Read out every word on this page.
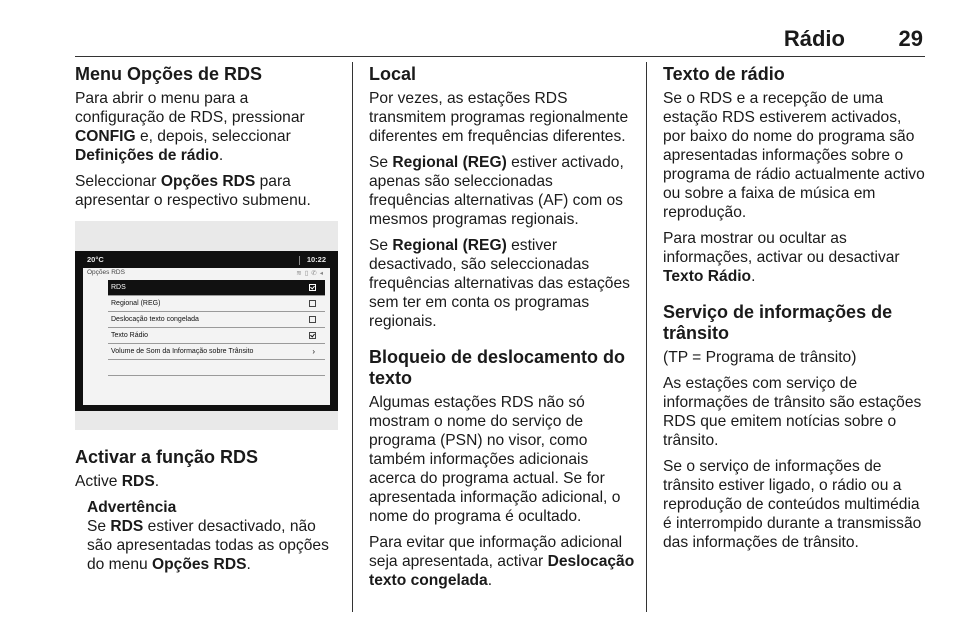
Rádio 29
Menu Opções de RDS

Para abrir o menu para a configuração de RDS, pressionar CONFIG e, depois, seleccionar Definições de rádio.

Seleccionar Opções RDS para apresentar o respectivo submenu.

20°C	10:22
Opções RDS	≋▯✆◂
RDS
Regional (REG)
Deslocação texto congelada
Texto Rádio
Volume de Som da Informação sobre Trânsito	›
Activar a função RDS

Active RDS.

Advertência
Se RDS estiver desactivado, não são apresentadas todas as opções do menu Opções RDS.
Local

Por vezes, as estações RDS transmitem programas regionalmente diferentes em frequências diferentes.

Se Regional (REG) estiver activado, apenas são seleccionadas frequências alternativas (AF) com os mesmos programas regionais.

Se Regional (REG) estiver desactivado, são seleccionadas frequências alternativas das estações sem ter em conta os programas regionais.

Bloqueio de deslocamento do texto

Algumas estações RDS não só mostram o nome do serviço de programa (PSN) no visor, como também informações adicionais acerca do programa actual. Se for apresentada informação adicional, o nome do programa é ocultado.

Para evitar que informação adicional seja apresentada, activar Deslocação texto congelada.

Texto de rádio

Se o RDS e a recepção de uma estação RDS estiverem activados, por baixo do nome do programa são apresentadas informações sobre o programa de rádio actualmente activo ou sobre a faixa de música em reprodução.

Para mostrar ou ocultar as informações, activar ou desactivar Texto Rádio.

Serviço de informações de trânsito

(TP = Programa de trânsito)

As estações com serviço de informações de trânsito são estações RDS que emitem notícias sobre o trânsito.

Se o serviço de informações de trânsito estiver ligado, o rádio ou a reprodução de conteúdos multimédia é interrompido durante a transmissão das informações de trânsito.
